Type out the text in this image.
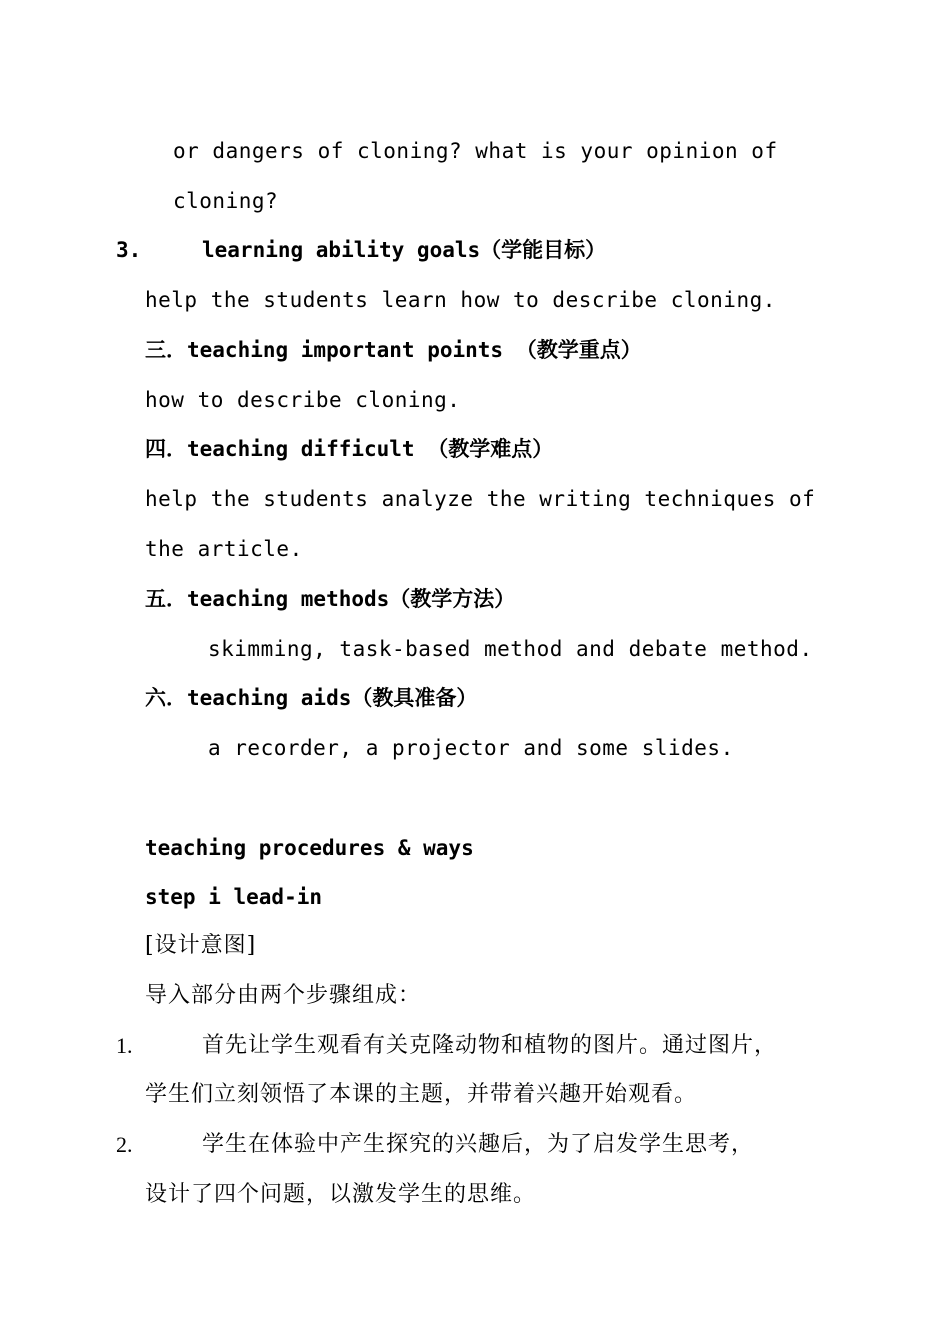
or dangers of cloning? what is your opinion of
cloning?
3.	learning ability goals（学能目标）
help the students learn how to describe cloning.
三．teaching important points （教学重点）
how to describe cloning.
四．teaching difficult （教学难点）
help the students analyze the writing techniques of
the article.
五．teaching methods（教学方法）
skimming, task-based method and debate method.
六．teaching aids（教具准备）
a recorder, a projector and some slides.
teaching procedures & ways
step i lead-in
[设计意图]
导入部分由两个步骤组成：
1.	首先让学生观看有关克隆动物和植物的图片。通过图片，
学生们立刻领悟了本课的主题，并带着兴趣开始观看。
2.	学生在体验中产生探究的兴趣后，为了启发学生思考，
设计了四个问题，以激发学生的思维。
